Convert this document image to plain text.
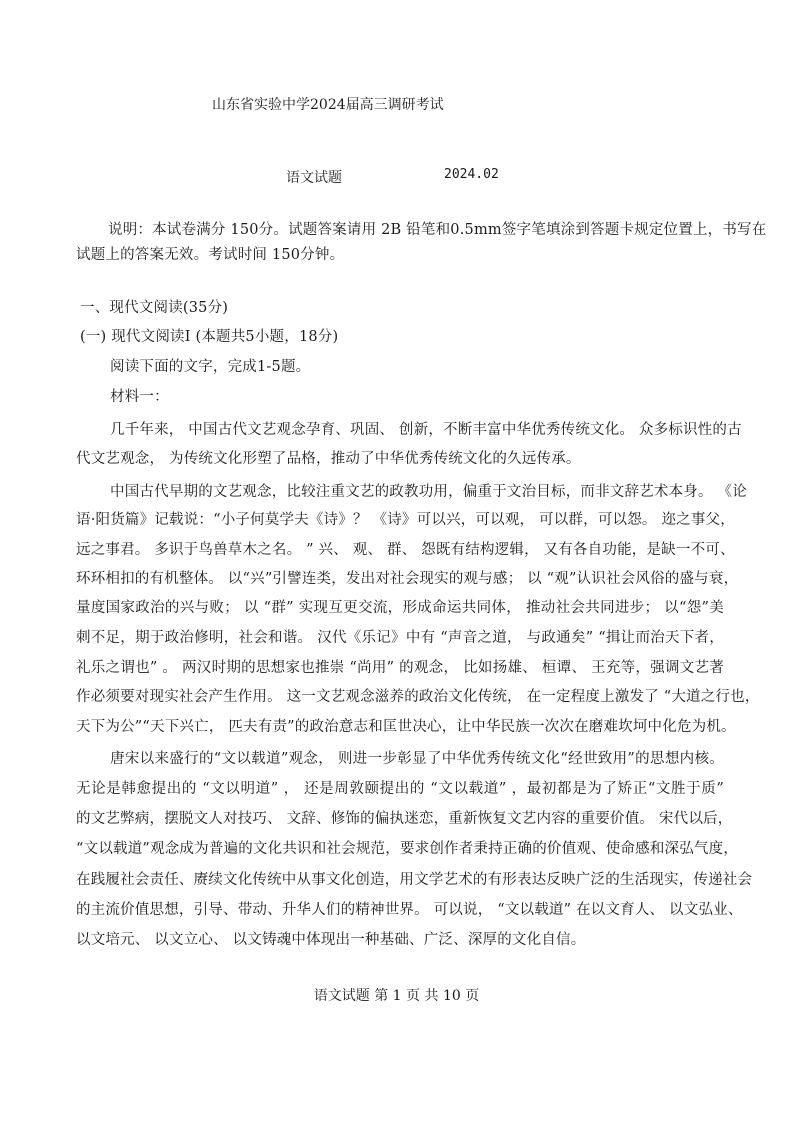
山东省实验中学2024届高三调研考试
语文试题	2024.02
说明：本试卷满分 150分。试题答案请用 2B 铅笔和0.5mm签字笔填涂到答题卡规定位置上，书写在
试题上的答案无效。考试时间 150分钟。
一、现代文阅读(35分)
(一) 现代文阅读Ⅰ (本题共5小题，18分)
阅读下面的文字，完成1-5题。
材料一：
几千年来， 中国古代文艺观念孕育、巩固、 创新，不断丰富中华优秀传统文化。 众多标识性的古
代文艺观念， 为传统文化形塑了品格，推动了中华优秀传统文化的久远传承。
中国古代早期的文艺观念，比较注重文艺的政教功用，偏重于文治目标，而非文辞艺术本身。 《论
语·阳货篇》记载说：“小子何莫学夫《诗》？ 《诗》可以兴，可以观， 可以群，可以怨。 迩之事父，
远之事君。 多识于鸟兽草木之名。 ” 兴、 观、 群、 怨既有结构逻辑， 又有各自功能，是缺一不可、
环环相扣的有机整体。 以“兴”引譬连类，发出对社会现实的观与感； 以 “观”认识社会风俗的盛与衰，
量度国家政治的兴与败； 以 “群” 实现互更交流，形成命运共同体， 推动社会共同进步； 以“怨”美
刺不足，期于政治修明，社会和谐。 汉代《乐记》中有 “声音之道， 与政通矣” “揖让而治天下者，
礼乐之谓也” 。 两汉时期的思想家也推崇 “尚用” 的观念， 比如扬雄、 桓谭、 王充等，强调文艺著
作必须要对现实社会产生作用。 这一文艺观念滋养的政治文化传统， 在一定程度上激发了 “大道之行也，
天下为公”“天下兴亡， 匹夫有责”的政治意志和匡世决心，让中华民族一次次在磨难坎坷中化危为机。
唐宋以来盛行的“文以载道”观念， 则进一步彰显了中华优秀传统文化“经世致用”的思想内核。
无论是韩愈提出的 “文以明道” ， 还是周敦颐提出的 “文以载道” ，最初都是为了矫正“文胜于质”
的文艺弊病，摆脱文人对技巧、 文辞、修饰的偏执迷恋，重新恢复文艺内容的重要价值。 宋代以后，
“文以载道”观念成为普遍的文化共识和社会规范，要求创作者秉持正确的价值观、使命感和深弘气度，
在践履社会责任、赓续文化传统中从事文化创造，用文学艺术的有形表达反映广泛的生活现实，传递社会
的主流价值思想，引导、带动、升华人们的精神世界。 可以说， “文以载道” 在以文育人、 以文弘业、
以文培元、 以文立心、 以文铸魂中体现出一种基础、广泛、深厚的文化自信。
语文试题 第 1 页 共 10 页
